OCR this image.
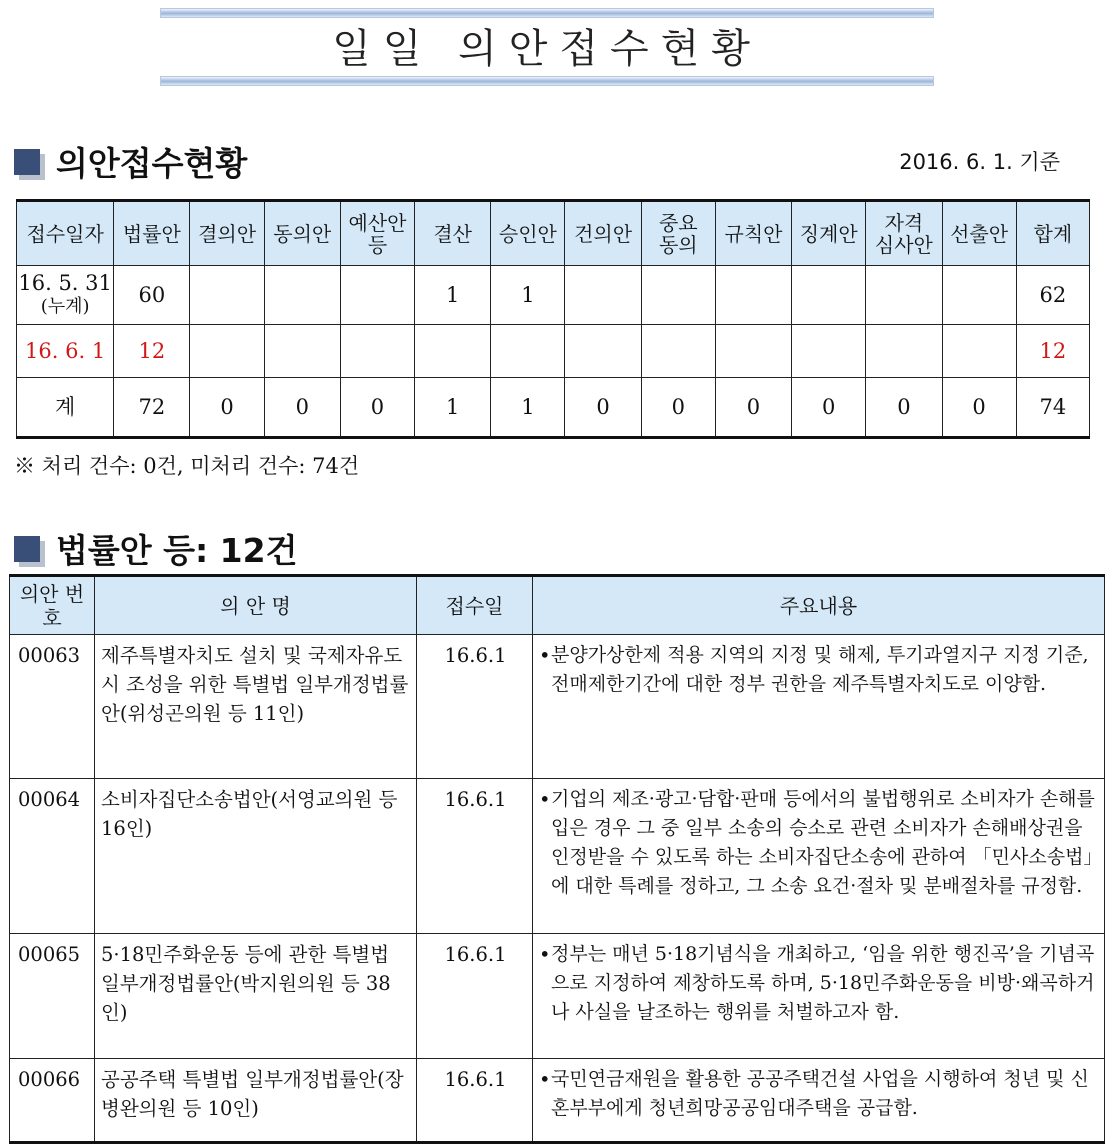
일일 의안접수현황
의안접수현황	2016. 6. 1. 기준
접수일자	법률안	결의안	동의안	예산안 등	결산	승인안	건의안	중요 동의	규칙안	징계안	자격 심사안	선출안	합계

16. 5. 31
(누계)	60				1	1							62
16. 6. 1	12												12
계	72	0	0	0	1	1	0	0	0	0	0	0	74
※ 처리 건수: 0건, 미처리 건수: 74건
법률안 등: 12건
의안 번호	의 안 명	접수일	주요내용
00063	제주특별자치도 설치 및 국제자유도시 조성을 위한 특별법 일부개정법률안(위성곤의원 등 11인)	16.6.1	• 분양가상한제 적용 지역의 지정 및 해제, 투기과열지구 지정 기준, 전매제한기간에 대한 정부 권한을 제주특별자치도로 이양함.

00064	소비자집단소송법안(서영교의원 등 16인)	16.6.1	• 기업의 제조·광고·담합·판매 등에서의 불법행위로 소비자가 손해를 입은 경우 그 중 일부 소송의 승소로 관련 소비자가 손해배상권을 인정받을 수 있도록 하는 소비자집단소송에 관하여 「민사소송법」에 대한 특례를 정하고, 그 소송 요건·절차 및 분배절차를 규정함.

00065	5·18민주화운동 등에 관한 특별법 일부개정법률안(박지원의원 등 38인)	16.6.1	• 정부는 매년 5·18기념식을 개최하고, ‘임을 위한 행진곡’을 기념곡으로 지정하여 제창하도록 하며, 5·18민주화운동을 비방·왜곡하거나 사실을 날조하는 행위를 처벌하고자 함.

00066	공공주택 특별법 일부개정법률안(장병완의원 등 10인)	16.6.1	• 국민연금재원을 활용한 공공주택건설 사업을 시행하여 청년 및 신혼부부에게 청년희망공공임대주택을 공급함.
